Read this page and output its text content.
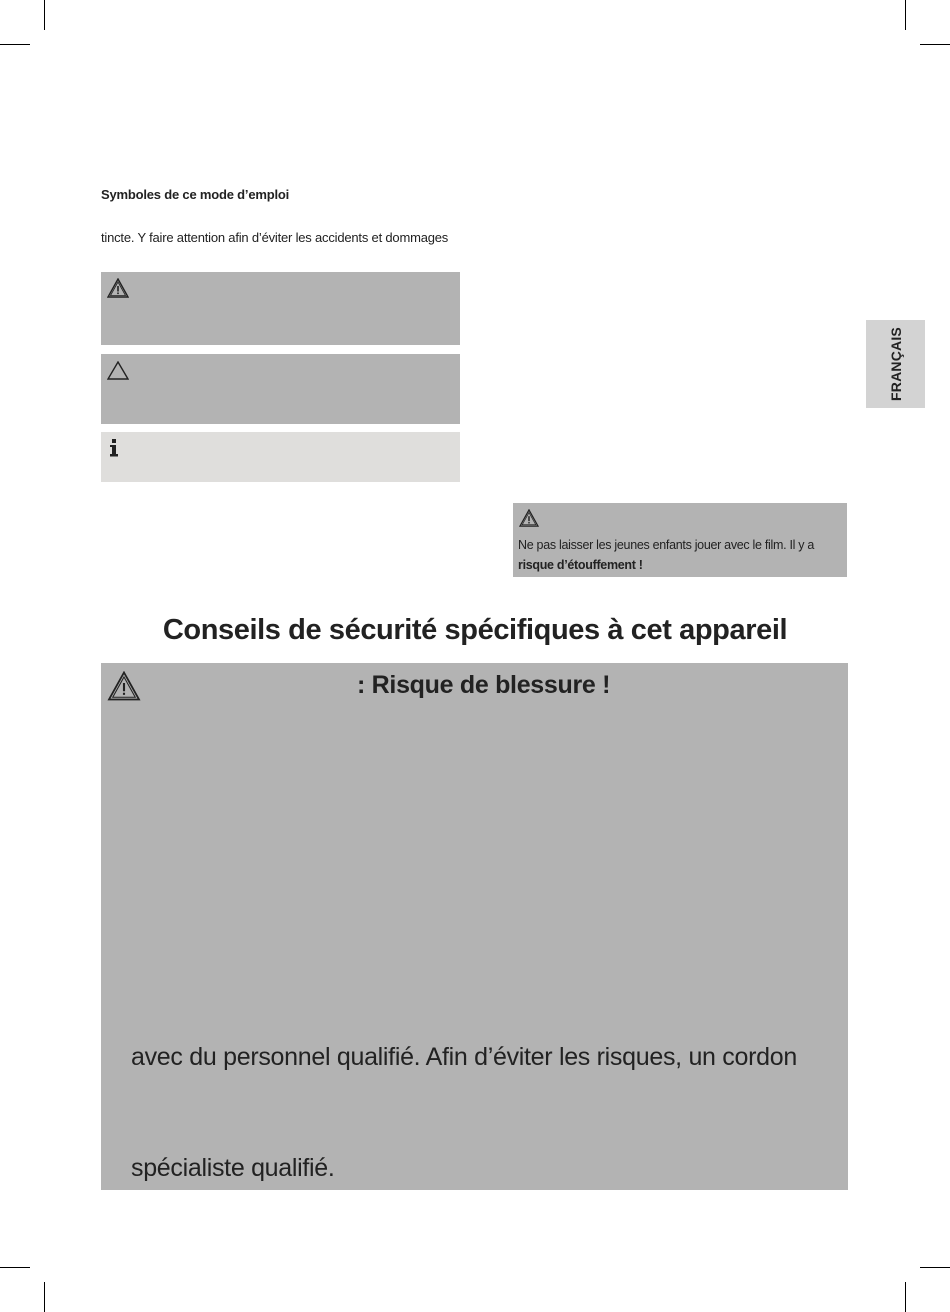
Symboles de ce mode d’emploi
tincte. Y faire attention afin d’éviter les accidents et dommages
FRANÇAIS
Ne pas laisser les jeunes enfants jouer avec le film. Il y a
risque d’étouffement !
Conseils de sécurité spécifiques à cet appareil
: Risque de blessure !
avec du personnel qualifié. Afin d’éviter les risques, un cordon
spécialiste qualifié.
